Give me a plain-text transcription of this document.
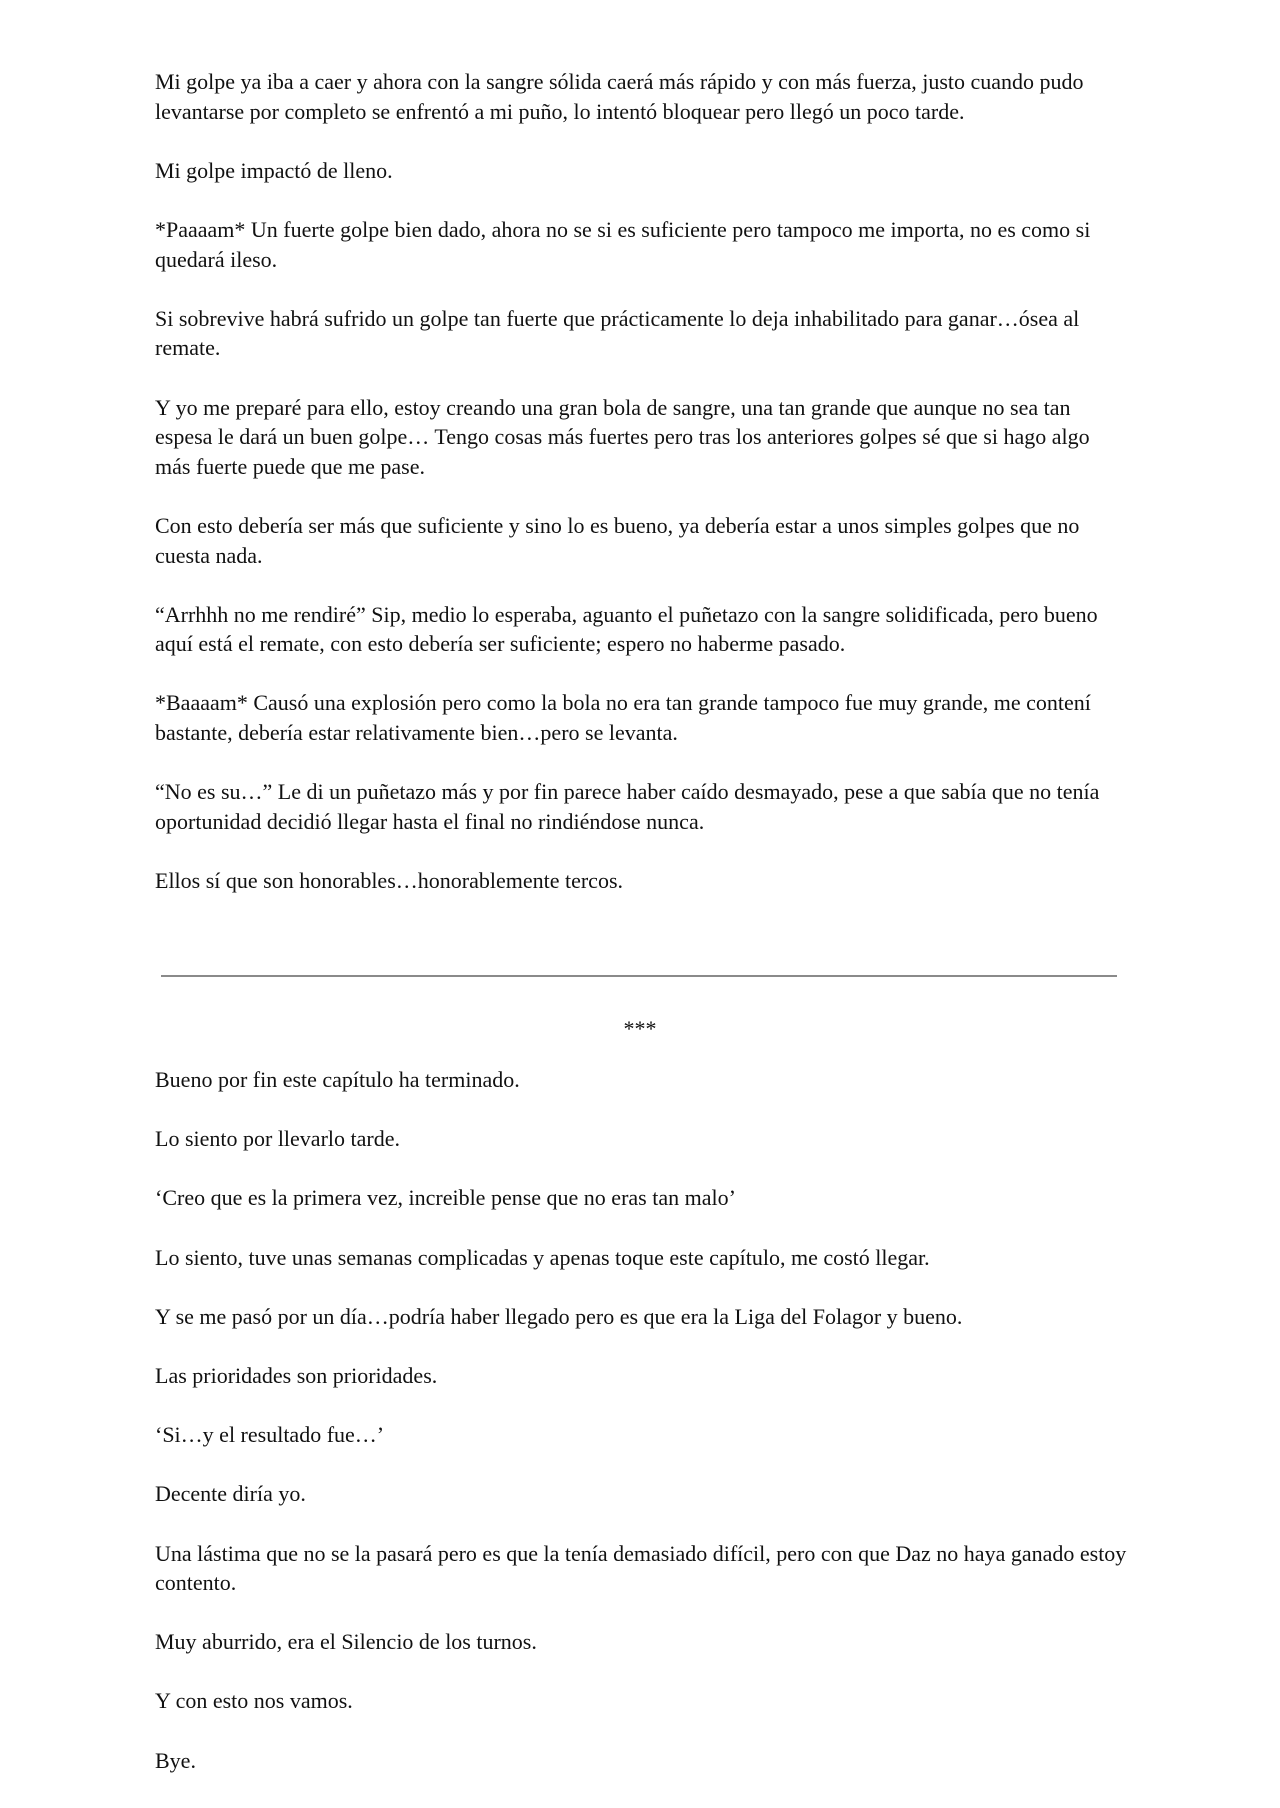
Mi golpe ya iba a caer y ahora con la sangre sólida caerá más rápido y con más fuerza, justo cuando pudo levantarse por completo se enfrentó a mi puño, lo intentó bloquear pero llegó un poco tarde.

Mi golpe impactó de lleno.

*Paaaam* Un fuerte golpe bien dado, ahora no se si es suficiente pero tampoco me importa, no es como si quedará ileso.

Si sobrevive habrá sufrido un golpe tan fuerte que prácticamente lo deja inhabilitado para ganar…ósea al remate.

Y yo me preparé para ello, estoy creando una gran bola de sangre, una tan grande que aunque no sea tan espesa le dará un buen golpe… Tengo cosas más fuertes pero tras los anteriores golpes sé que si hago algo más fuerte puede que me pase.

Con esto debería ser más que suficiente y sino lo es bueno, ya debería estar a unos simples golpes que no cuesta nada.

“Arrhhh no me rendiré” Sip, medio lo esperaba, aguanto el puñetazo con la sangre solidificada, pero bueno aquí está el remate, con esto debería ser suficiente; espero no haberme pasado.

*Baaaam* Causó una explosión pero como la bola no era tan grande tampoco fue muy grande, me contení bastante, debería estar relativamente bien…pero se levanta.

“No es su…” Le di un puñetazo más y por fin parece haber caído desmayado, pese a que sabía que no tenía oportunidad decidió llegar hasta el final no rindiéndose nunca.

Ellos sí que son honorables…honorablemente tercos.

***

Bueno por fin este capítulo ha terminado.

Lo siento por llevarlo tarde.

‘Creo que es la primera vez, increible pense que no eras tan malo’

Lo siento, tuve unas semanas complicadas y apenas toque este capítulo, me costó llegar.

Y se me pasó por un día…podría haber llegado pero es que era la Liga del Folagor y bueno.

Las prioridades son prioridades.

‘Si…y el resultado fue…’

Decente diría yo.

Una lástima que no se la pasará pero es que la tenía demasiado difícil, pero con que Daz no haya ganado estoy contento.

Muy aburrido, era el Silencio de los turnos.

Y con esto nos vamos.

Bye.
